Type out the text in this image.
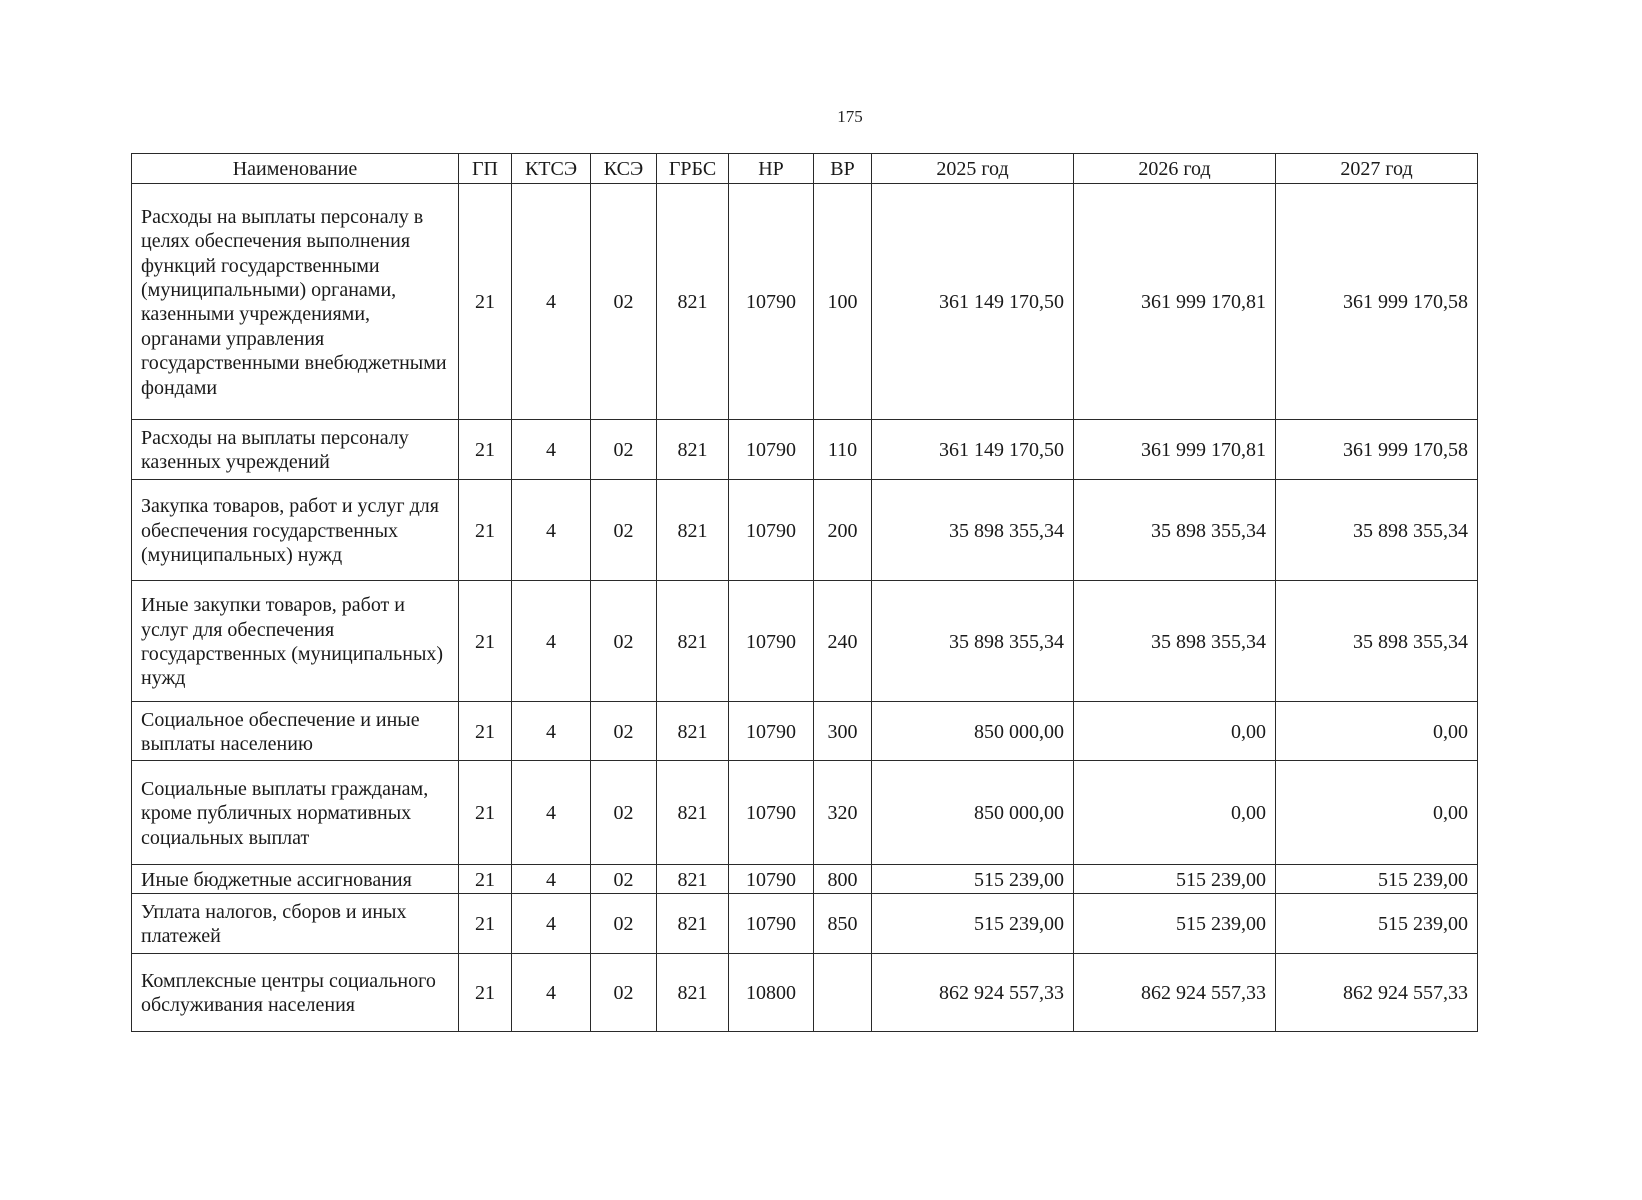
175
Наименование	ГП	КТСЭ	КСЭ	ГРБС	НР	ВР	2025 год	2026 год	2027 год
Расходы на выплаты персоналу в целях обеспечения выполнения функций государственными (муниципальными) органами, казенными учреждениями, органами управления государственными внебюджетными фондами	21	4	02	821	10790	100	361 149 170,50	361 999 170,81	361 999 170,58
Расходы на выплаты персоналу казенных учреждений	21	4	02	821	10790	110	361 149 170,50	361 999 170,81	361 999 170,58
Закупка товаров, работ и услуг для обеспечения государственных (муниципальных) нужд	21	4	02	821	10790	200	35 898 355,34	35 898 355,34	35 898 355,34
Иные закупки товаров, работ и услуг для обеспечения государственных (муниципальных) нужд	21	4	02	821	10790	240	35 898 355,34	35 898 355,34	35 898 355,34
Социальное обеспечение и иные выплаты населению	21	4	02	821	10790	300	850 000,00	0,00	0,00
Социальные выплаты гражданам, кроме публичных нормативных социальных выплат	21	4	02	821	10790	320	850 000,00	0,00	0,00
Иные бюджетные ассигнования	21	4	02	821	10790	800	515 239,00	515 239,00	515 239,00
Уплата налогов, сборов и иных платежей	21	4	02	821	10790	850	515 239,00	515 239,00	515 239,00
Комплексные центры социального обслуживания населения	21	4	02	821	10800		862 924 557,33	862 924 557,33	862 924 557,33
